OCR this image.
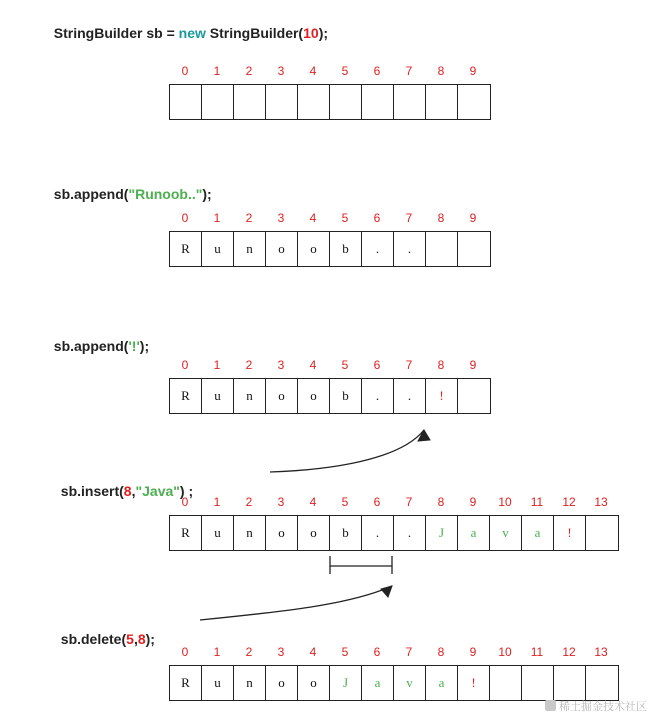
StringBuilder sb = new StringBuilder(10);

0	1	2	3	4	5	6	7	8	9

sb.append("Runoob..");

0	1	2	3	4	5	6	7	8	9
R	u	n	o	o	b	.	.

sb.append('!');

0	1	2	3	4	5	6	7	8	9
R	u	n	o	o	b	.	.	!

sb.insert(8,"Java") ;

0	1	2	3	4	5	6	7	8	9	10	11	12	13
R	u	n	o	o	b	.	.	J	a	v	a	!

sb.delete(5,8);

0	1	2	3	4	5	6	7	8	9	10	11	12	13
R	u	n	o	o	J	a	v	a	!
稀土掘金技术社区
